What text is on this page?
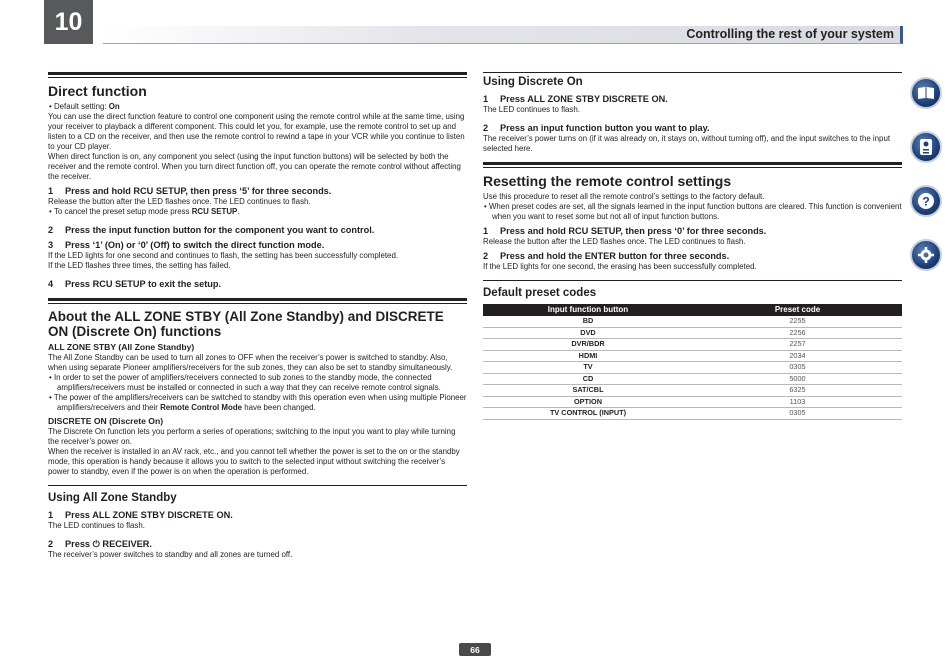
10	Controlling the rest of your system
Direct function

• Default setting: On

You can use the direct function feature to control one component using the remote control while at the same time, using your receiver to playback a different component. This could let you, for example, use the remote control to set up and listen to a CD on the receiver, and then use the remote control to rewind a tape in your VCR while you continue to listen to your CD player.

When direct function is on, any component you select (using the input function buttons) will be selected by both the receiver and the remote control. When you turn direct function off, you can operate the remote control without affecting the receiver.

1 Press and hold RCU SETUP, then press ‘5’ for three seconds.

Release the button after the LED flashes once. The LED continues to flash.

• To cancel the preset setup mode press RCU SETUP.

2 Press the input function button for the component you want to control.
3 Press ‘1’ (On) or ‘0’ (Off) to switch the direct function mode.

If the LED lights for one second and continues to flash, the setting has been successfully completed.

If the LED flashes three times, the setting has failed.

4 Press RCU SETUP to exit the setup.
About the ALL ZONE STBY (All Zone Standby) and DISCRETE ON (Discrete On) functions
ALL ZONE STBY (All Zone Standby)

The All Zone Standby can be used to turn all zones to OFF when the receiver’s power is switched to standby. Also, when using separate Pioneer amplifiers/receivers for the sub zones, they can also be set to standby simultaneously.

• In order to set the power of amplifiers/receivers connected to sub zones to the standby mode, the connected amplifiers/receivers must be installed or connected in such a way that they can receive remote control signals.

• The power of the amplifiers/receivers can be switched to standby with this operation even when using multiple Pioneer amplifiers/receivers and their Remote Control Mode have been changed.

DISCRETE ON (Discrete On)

The Discrete On function lets you perform a series of operations; switching to the input you want to play while turning the receiver’s power on.

When the receiver is installed in an AV rack, etc., and you cannot tell whether the power is set to the on or the standby mode, this operation is handy because it allows you to switch to the selected input without switching the receiver’s power to standby, even if the power is on when the operation is performed.

Using All Zone Standby
1 Press ALL ZONE STBY DISCRETE ON.

The LED continues to flash.

2 Press ⏻ RECEIVER.

The receiver’s power switches to standby and all zones are turned off.

Using Discrete On
1 Press ALL ZONE STBY DISCRETE ON.

The LED continues to flash.

2 Press an input function button you want to play.

The receiver’s power turns on (if it was already on, it stays on, without turning off), and the input switches to the input selected here.

Resetting the remote control settings

Use this procedure to reset all the remote control’s settings to the factory default.

• When preset codes are set, all the signals learned in the input function buttons are cleared. This function is convenient when you want to reset some but not all of input function buttons.

1 Press and hold RCU SETUP, then press ‘0’ for three seconds.

Release the button after the LED flashes once. The LED continues to flash.

2 Press and hold the ENTER button for three seconds.

If the LED lights for one second, the erasing has been successfully completed.

Default preset codes
Input function button	Preset code
BD	2255
DVD	2256
DVR/BDR	2257
HDMI	2034
TV	0305
CD	5000
SAT/CBL	6325
OPTION	1103
TV CONTROL (INPUT)	0305
?
66
